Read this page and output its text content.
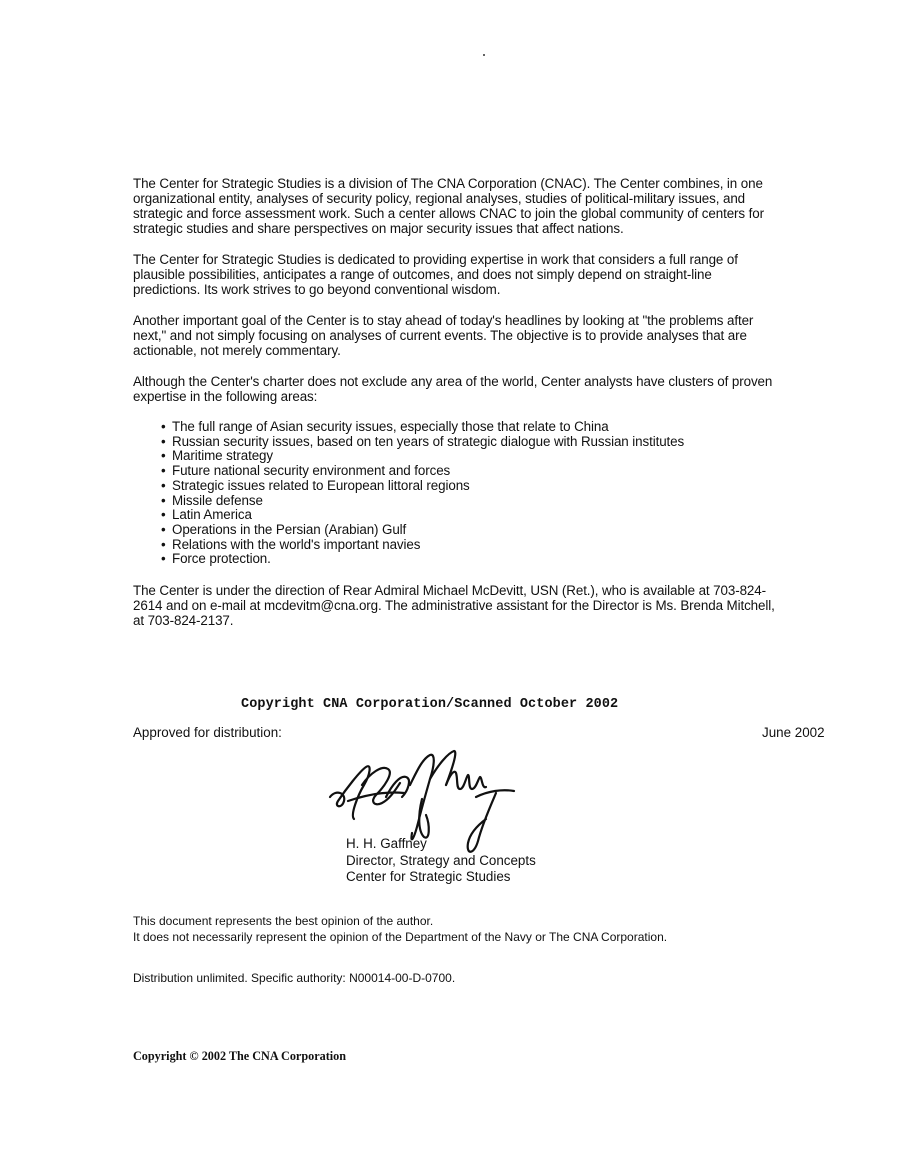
The Center for Strategic Studies is a division of The CNA Corporation (CNAC). The Center combines, in one organizational entity, analyses of security policy, regional analyses, studies of political-military issues, and strategic and force assessment work. Such a center allows CNAC to join the global community of centers for strategic studies and share perspectives on major security issues that affect nations.

The Center for Strategic Studies is dedicated to providing expertise in work that considers a full range of plausible possibilities, anticipates a range of outcomes, and does not simply depend on straight-line predictions. Its work strives to go beyond conventional wisdom.

Another important goal of the Center is to stay ahead of today's headlines by looking at "the problems after next," and not simply focusing on analyses of current events. The objective is to provide analyses that are actionable, not merely commentary.

Although the Center's charter does not exclude any area of the world, Center analysts have clusters of proven expertise in the following areas:

• The full range of Asian security issues, especially those that relate to China
• Russian security issues, based on ten years of strategic dialogue with Russian institutes
• Maritime strategy
• Future national security environment and forces
• Strategic issues related to European littoral regions
• Missile defense
• Latin America
• Operations in the Persian (Arabian) Gulf
• Relations with the world's important navies
• Force protection.

The Center is under the direction of Rear Admiral Michael McDevitt, USN (Ret.), who is available at 703-824-2614 and on e-mail at mcdevitm@cna.org. The administrative assistant for the Director is Ms. Brenda Mitchell, at 703-824-2137.

Copyright CNA Corporation/Scanned October 2002
Approved for distribution:	June 2002
H. H. Gaffney
Director, Strategy and Concepts
Center for Strategic Studies
This document represents the best opinion of the author.
It does not necessarily represent the opinion of the Department of the Navy or The CNA Corporation.
Distribution unlimited. Specific authority: N00014-00-D-0700.
Copyright © 2002 The CNA Corporation
